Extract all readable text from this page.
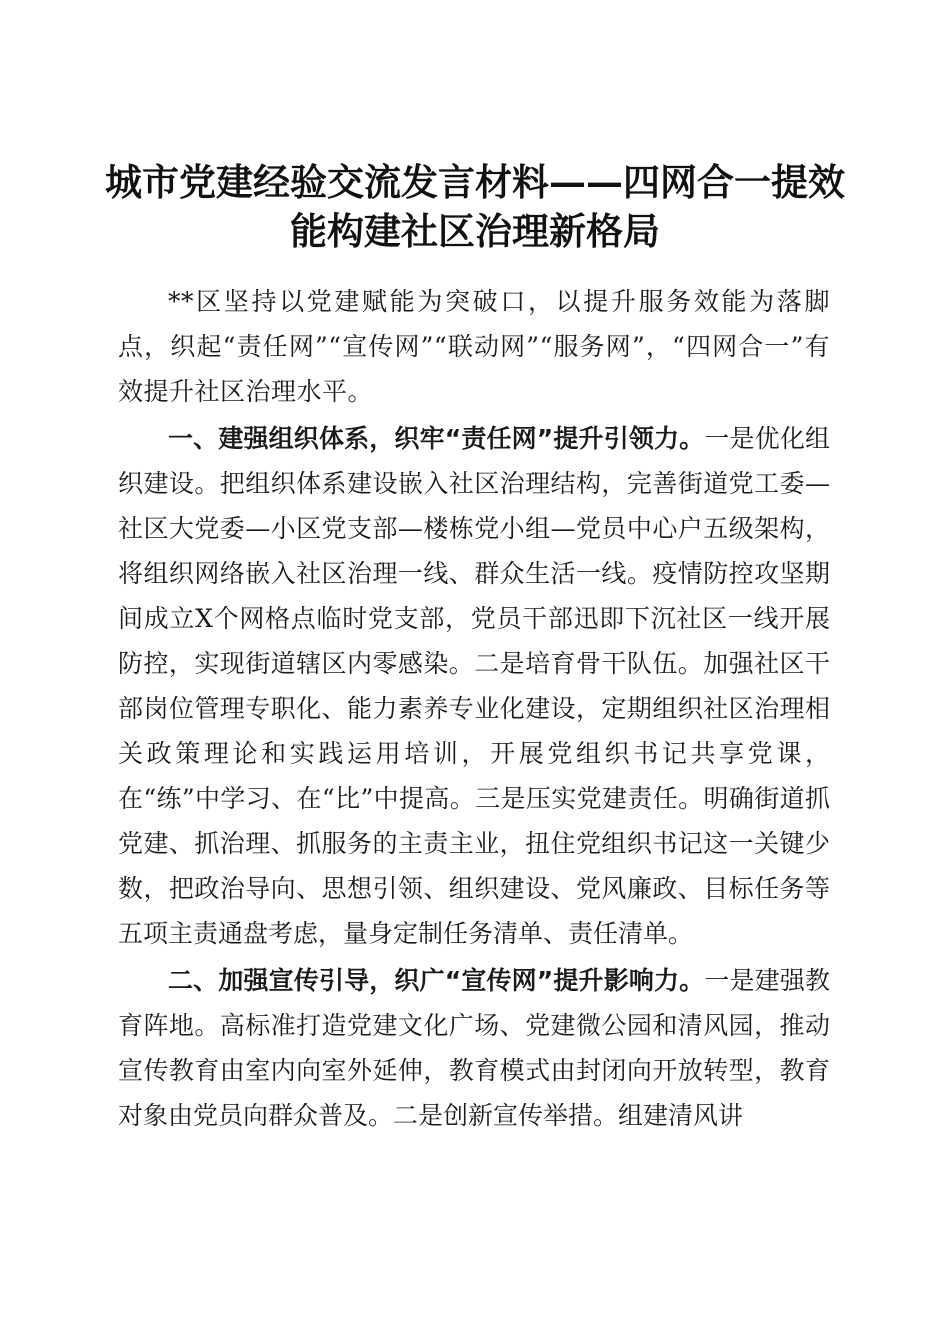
城市党建经验交流发言材料——四网合一提效
能构建社区治理新格局

**区坚持以党建赋能为突破口，以提升服务效能为落脚点，织起“责任网”“宣传网”“联动网”“服务网”，“四网合一”有效提升社区治理水平。

一、建强组织体系，织牢“责任网”提升引领力。一是优化组织建设。把组织体系建设嵌入社区治理结构，完善街道党工委—社区大党委—小区党支部—楼栋党小组—党员中心户五级架构，将组织网络嵌入社区治理一线、群众生活一线。疫情防控攻坚期间成立X个网格点临时党支部，党员干部迅即下沉社区一线开展防控，实现街道辖区内零感染。二是培育骨干队伍。加强社区干部岗位管理专职化、能力素养专业化建设，定期组织社区治理相关政策理论和实践运用培训，开展党组织书记共享党课，在“练”中学习、在“比”中提高。三是压实党建责任。明确街道抓党建、抓治理、抓服务的主责主业，扭住党组织书记这一关键少数，把政治导向、思想引领、组织建设、党风廉政、目标任务等五项主责通盘考虑，量身定制任务清单、责任清单。

二、加强宣传引导，织广“宣传网”提升影响力。一是建强教育阵地。高标准打造党建文化广场、党建微公园和清风园，推动宣传教育由室内向室外延伸，教育模式由封闭向开放转型，教育对象由党员向群众普及。二是创新宣传举措。组建清风讲
